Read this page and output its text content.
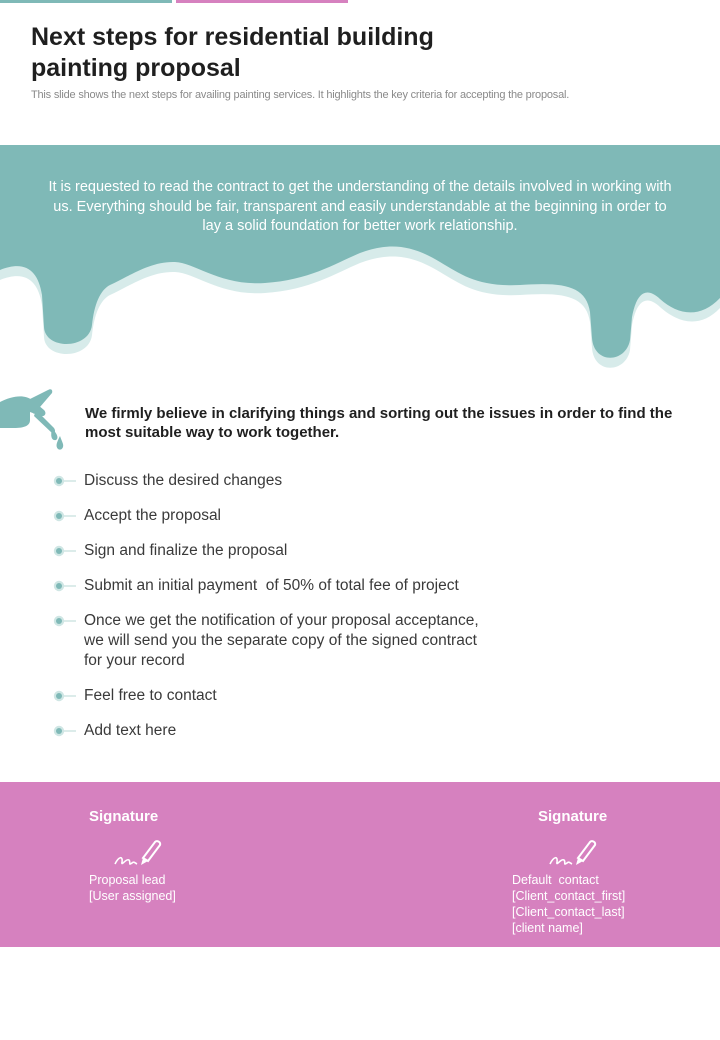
Next steps for residential building painting proposal

This slide shows the next steps for availing painting services. It highlights the key criteria for accepting the proposal.

It is requested to read the contract to get the understanding of the details involved in working with us. Everything should be fair, transparent and easily understandable at the beginning in order to lay a solid foundation for better work relationship.

We firmly believe in clarifying things and sorting out the issues in order to find the most suitable way to work together.

Discuss the desired changes
Accept the proposal
Sign and finalize the proposal
Submit an initial payment  of 50% of total fee of project
Once we get the notification of your proposal acceptance, we will send you the separate copy of the signed contract for your record
Feel free to contact
Add text here

Signature

Proposal lead

[User assigned]

Signature

Default  contact

[Client_contact_first]

[Client_contact_last]

[client name]
